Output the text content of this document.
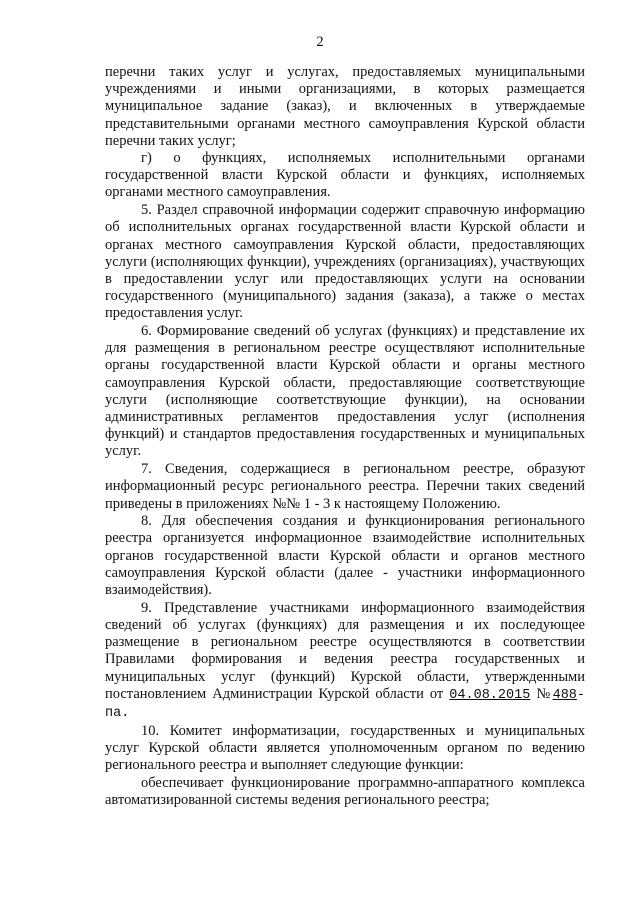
2

перечни таких услуг и услугах, предоставляемых муниципальными учреждениями и иными организациями, в которых размещается муниципальное задание (заказ), и включенных в утверждаемые представительными органами местного самоуправления Курской области перечни таких услуг;

г) о функциях, исполняемых исполнительными органами государственной власти Курской области и функциях, исполняемых органами местного самоуправления.

5. Раздел справочной информации содержит справочную информацию об исполнительных органах государственной власти Курской области и органах местного самоуправления Курской области, предоставляющих услуги (исполняющих функции), учреждениях (организациях), участвующих в предоставлении услуг или предоставляющих услуги на основании государственного (муниципального) задания (заказа), а также о местах предоставления услуг.

6. Формирование сведений об услугах (функциях) и представление их для размещения в региональном реестре осуществляют исполнительные органы государственной власти Курской области и органы местного самоуправления Курской области, предоставляющие соответствующие услуги (исполняющие соответствующие функции), на основании административных регламентов предоставления услуг (исполнения функций) и стандартов предоставления государственных и муниципальных услуг.

7. Сведения, содержащиеся в региональном реестре, образуют информационный ресурс регионального реестра. Перечни таких сведений приведены в приложениях №№ 1 - 3 к настоящему Положению.

8. Для обеспечения создания и функционирования регионального реестра организуется информационное взаимодействие исполнительных органов государственной власти Курской области и органов местного самоуправления Курской области (далее - участники информационного взаимодействия).

9. Представление участниками информационного взаимодействия сведений об услугах (функциях) для размещения и их последующее размещение в региональном реестре осуществляются в соответствии Правилами формирования и ведения реестра государственных и муниципальных услуг (функций) Курской области, утвержденными постановлением Администрации Курской области от 04.08.2015 №488-па.

10. Комитет информатизации, государственных и муниципальных услуг Курской области является уполномоченным органом по ведению регионального реестра и выполняет следующие функции:

обеспечивает функционирование программно-аппаратного комплекса автоматизированной системы ведения регионального реестра;
